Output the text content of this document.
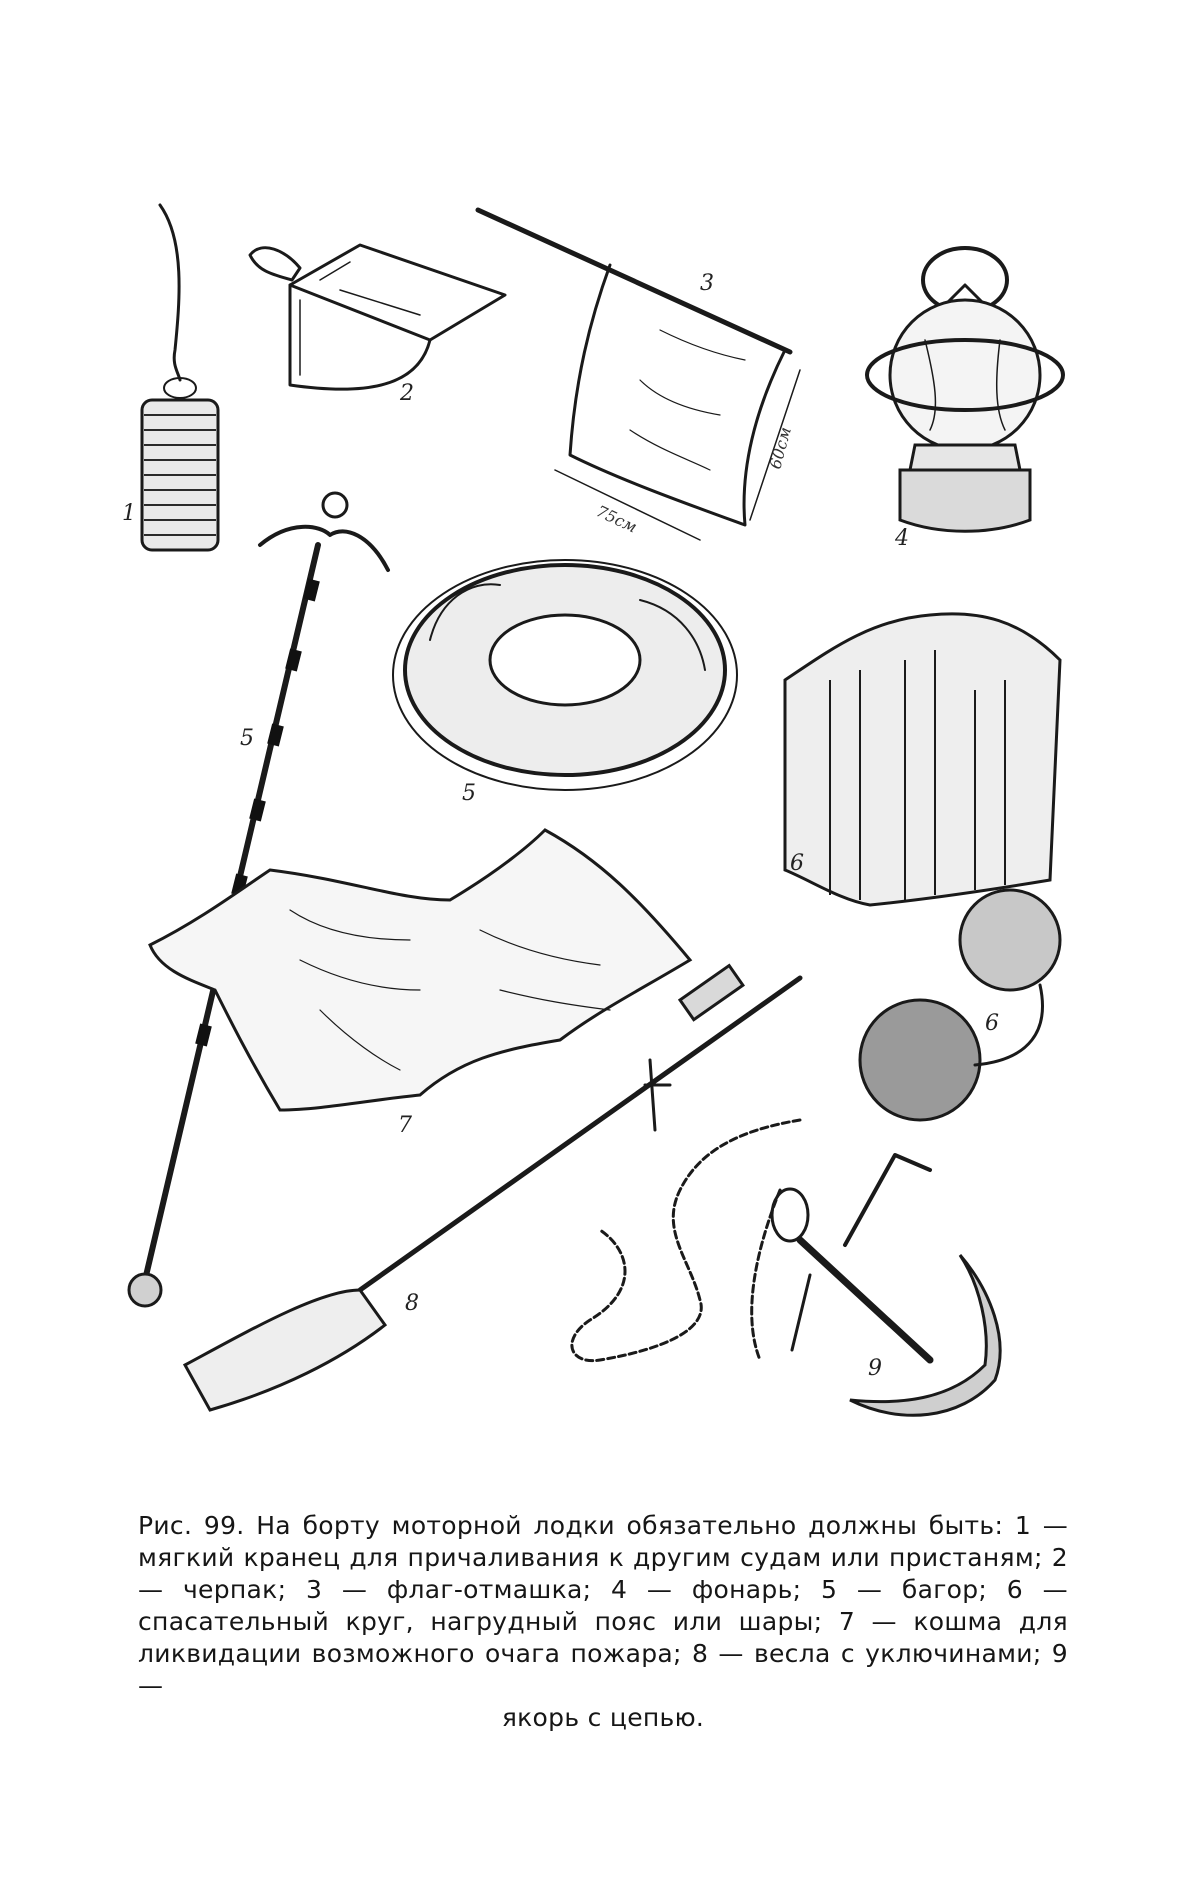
1
2
75см
60см
3
4
5
5
6
6
7
8
9
Рис. 99. На борту моторной лодки обязательно должны быть: 1 — мягкий кранец для причаливания к другим судам или пристаням; 2 — черпак; 3 — флаг-отмашка; 4 — фонарь; 5 — багор; 6 — спасательный круг, нагрудный пояс или шары; 7 — кошма для ликвидации возможного очага пожара; 8 — весла с уключинами; 9 —
якорь с цепью.
